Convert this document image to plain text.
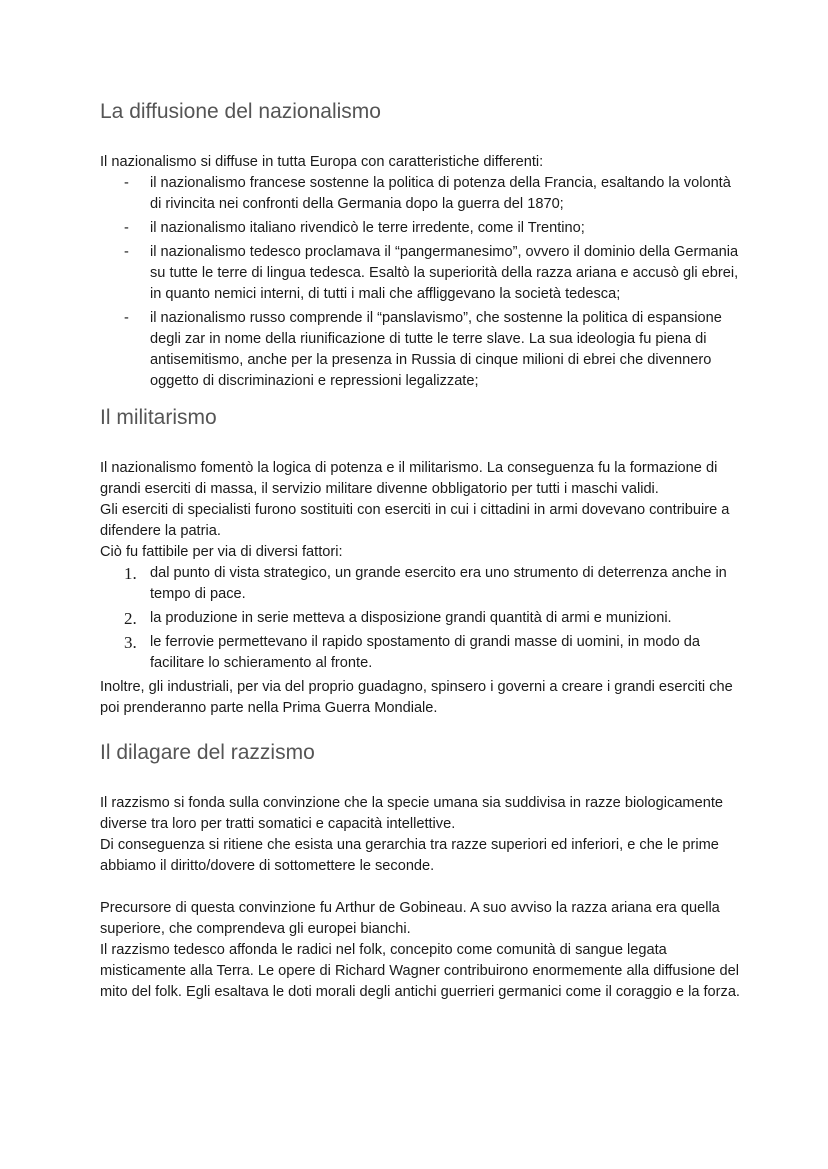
La diffusione del nazionalismo

Il nazionalismo si diffuse in tutta Europa con caratteristiche differenti:

- il nazionalismo francese sostenne la politica di potenza della Francia, esaltando la volontà di rivincita nei confronti della Germania dopo la guerra del 1870;
- il nazionalismo italiano rivendicò le terre irredente, come il Trentino;
- il nazionalismo tedesco proclamava il “pangermanesimo”, ovvero il dominio della Germania su tutte le terre di lingua tedesca. Esaltò la superiorità della razza ariana e accusò gli ebrei, in quanto nemici interni, di tutti i mali che affliggevano la società tedesca;
- il nazionalismo russo comprende il “panslavismo”, che sostenne la politica di espansione degli zar in nome della riunificazione di tutte le terre slave. La sua ideologia fu piena di antisemitismo, anche per la presenza in Russia di cinque milioni di ebrei che divennero oggetto di discriminazioni e repressioni legalizzate;
Il militarismo

Il nazionalismo fomentò la logica di potenza e il militarismo. La conseguenza fu la formazione di grandi eserciti di massa, il servizio militare divenne obbligatorio per tutti i maschi validi.

Gli eserciti di specialisti furono sostituiti con eserciti in cui i cittadini in armi dovevano contribuire a difendere la patria.

Ciò fu fattibile per via di diversi fattori:

1. dal punto di vista strategico, un grande esercito era uno strumento di deterrenza anche in tempo di pace.
2. la produzione in serie metteva a disposizione grandi quantità di armi e munizioni.
3. le ferrovie permettevano il rapido spostamento di grandi masse di uomini, in modo da facilitare lo schieramento al fronte.

Inoltre, gli industriali, per via del proprio guadagno, spinsero i governi a creare i grandi eserciti che poi prenderanno parte nella Prima Guerra Mondiale.

Il dilagare del razzismo

Il razzismo si fonda sulla convinzione che la specie umana sia suddivisa in razze biologicamente diverse tra loro per tratti somatici e capacità intellettive.

Di conseguenza si ritiene che esista una gerarchia tra razze superiori ed inferiori, e che le prime abbiamo il diritto/dovere di sottomettere le seconde.

Precursore di questa convinzione fu Arthur de Gobineau. A suo avviso la razza ariana era quella superiore, che comprendeva gli europei bianchi.

Il razzismo tedesco affonda le radici nel folk, concepito come comunità di sangue legata misticamente alla Terra. Le opere di Richard Wagner contribuirono enormemente alla diffusione del mito del folk. Egli esaltava le doti morali degli antichi guerrieri germanici come il coraggio e la forza.
